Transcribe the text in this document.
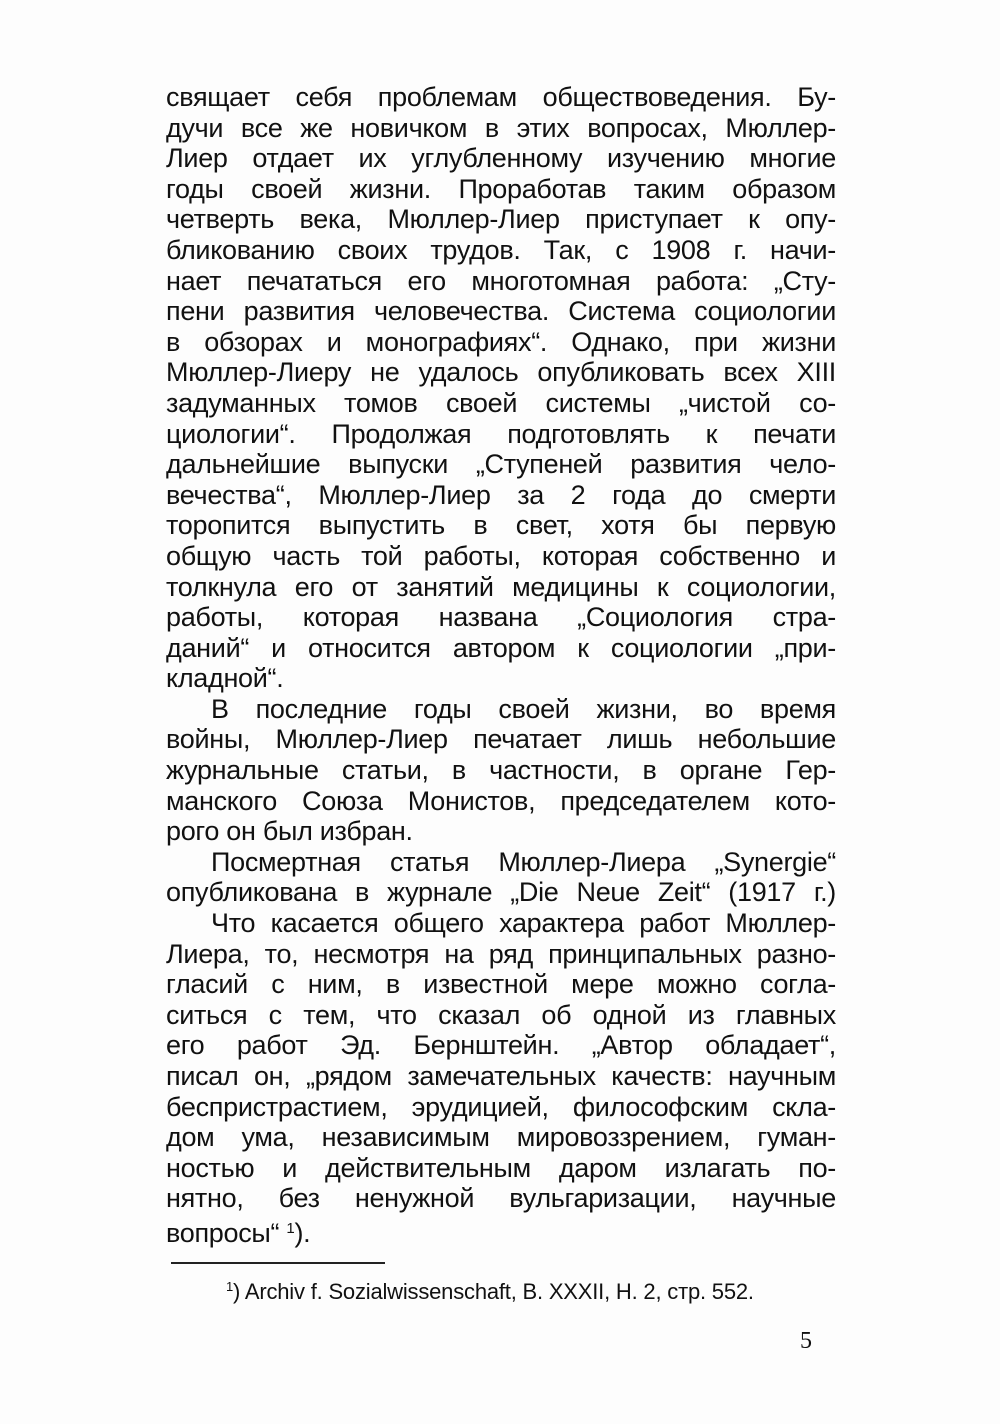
свящает себя проблемам обществоведения. Бу-
дучи все же новичком в этих вопросах, Мюллер-
Лиер отдает их углубленному изучению многие
годы своей жизни. Проработав таким образом
четверть века, Мюллер-Лиер приступает к опу-
бликованию своих трудов. Так, с 1908 г. начи-
нает печататься его многотомная работа: „Сту-
пени развития человечества. Система социологии
в обзорах и монографиях“. Однако, при жизни
Мюллер-Лиеру не удалось опубликовать всех XIII
задуманных томов своей системы „чистой со-
циологии“. Продолжая подготовлять к печати
дальнейшие выпуски „Ступеней развития чело-
вечества“, Мюллер-Лиер за 2 года до смерти
торопится выпустить в свет, хотя бы первую
общую часть той работы, которая собственно и
толкнула его от занятий медицины к социологии,
работы, которая названа „Социология стра-
даний“ и относится автором к социологии „при-
кладной“.
В последние годы своей жизни, во время
войны, Мюллер-Лиер печатает лишь небольшие
журнальные статьи, в частности, в органе Гер-
манского Союза Монистов, председателем кото-
рого он был избран.
Посмертная статья Мюллер-Лиера „Synergie“
опубликована в журнале „Die Neue Zeit“ (1917 г.)
Что касается общего характера работ Мюллер-
Лиера, то, несмотря на ряд принципальных разно-
гласий с ним, в известной мере можно согла-
ситься с тем, что сказал об одной из главных
его работ Эд. Бернштейн. „Автор обладает“,
писал он, „рядом замечательных качеств: научным
беспристрастием, эрудицией, философским скла-
дом ума, независимым мировоззрением, гуман-
ностью и действительным даром излагать по-
нятно, без ненужной вульгаризации, научные
вопросы“ $^1$).
$^1$) Archiv f. Sozialwissenschaft, B. XXXII, H. 2, стр. 552.
5
